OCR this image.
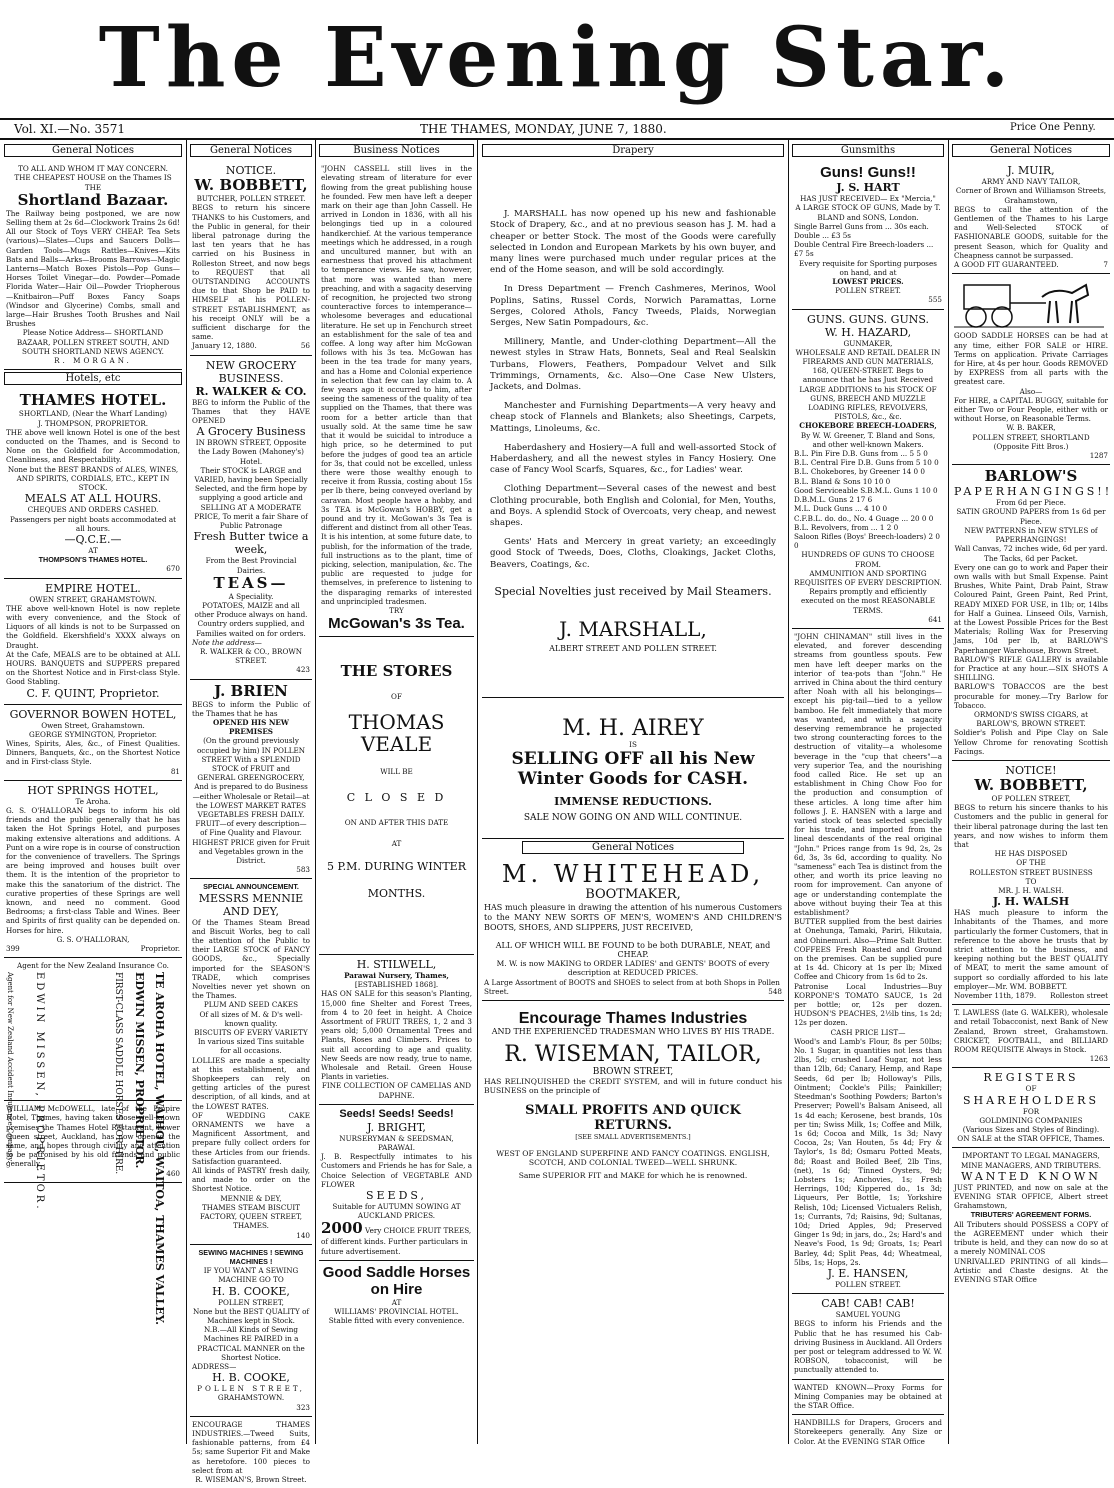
The Evening Star.
Vol. XI.—No. 3571	THE THAMES, MONDAY, JUNE 7, 1880.	Price One Penny.
General Notices
TO ALL AND WHOM IT MAY CONCERN.
THE CHEAPEST HOUSE on the Thames IS THE
Shortland Bazaar.
The Railway being postponed, we are now Selling them at 2s 6d—Clockwork Trains 2s 6d! All our Stock of Toys VERY CHEAP. Tea Sets (various)—Slates—Cups and Saucers Dolls—Garden Tools—Mugs Rattles—Knives—Kits Bats and Balls—Arks—Brooms Barrows—Magic Lanterns—Match Boxes Pistols—Pop Guns—Horses Toilet Vinegar—do. Powder—Pomade Florida Water—Hair Oil—Powder Triopherous—Knitbairon—Puff Boxes Fancy Soaps (Windsor and Glycerine) Combs, small and large—Hair Brushes Tooth Brushes and Nail Brushes
Please Notice Address— SHORTLAND BAZAAR, POLLEN STREET SOUTH, AND SOUTH SHORTLAND NEWS AGENCY.
R. MORGAN.
Hotels, etc
THAMES HOTEL.
SHORTLAND, (Near the Wharf Landing)
J. THOMPSON, PROPRIETOR.
THE above well known Hotel is one of the best conducted on the Thames, and is Second to None on the Goldfield for Accommodation, Cleanliness, and Respectability.
None but the BEST BRANDS of ALES, WINES, AND SPIRITS, CORDIALS, ETC., KEPT IN STOCK.
MEALS AT ALL HOURS.
CHEQUES AND ORDERS CASHED.
Passengers per night boats accommodated at all hours.
—Q.C.E.—
AT
THOMPSON'S THAMES HOTEL.
670
EMPIRE HOTEL.
OWEN STREET, GRAHAMSTOWN.
THE above well-known Hotel is now replete with every convenience, and the Stock of Liquors of all kinds is not to be Surpassed on the Goldfield. Ekershfield's XXXX always on Draught.
At the Cafe, MEALS are to be obtained at ALL HOURS. BANQUETS and SUPPERS prepared on the Shortest Notice and in First-class Style. Good Stabling.
C. F. QUINT, Proprietor.
GOVERNOR BOWEN HOTEL,
Owen Street, Grahamstown.
GEORGE SYMINGTON, Proprietor.
Wines, Spirits, Ales, &c., of Finest Qualities. Dinners, Banquets, &c., on the Shortest Notice and in First-class Style.
81
HOT SPRINGS HOTEL,
Te Aroha.
G. S. O'HALLORAN begs to inform his old friends and the public generally that he has taken the Hot Springs Hotel, and purposes making extensive alterations and additions. A Punt on a wire rope is in course of construction for the convenience of travellers. The Springs are being improved and houses built over them. It is the intention of the proprietor to make this the sanatorium of the district. The curative properties of these Springs are well known, and need no comment. Good Bedrooms; a first-class Table and Wines. Beer and Spirits of first quality can be depended on. Horses for hire.
G. S. O'HALLORAN,
399	Proprietor.
Agent for the New Zealand Insurance Co.
TE AROHA HOTEL, WAIHOU, WAITOA, THAMES VALLEY.
EDWIN MISSEN, PROPRIETOR.
FIRST-CLASS SADDLE HORSES FOR HIRE.
EDWIN MISSEN, PROPRIETOR.
Agent for New Zealand Accident Insurance Company.
WILLIAM McDOWELL, late of the Empire Hotel, Thames, having taken those well-known premises the Thames Hotel Restaurant, Lower Queen street, Auckland, has now opened the same, and hopes through civility and attention to be patronised by his old friends and public generally.
460
General Notices
NOTICE.
W. BOBBETT,
BUTCHER, POLLEN STREET.
BEGS to return his sincere THANKS to his Customers, and the Public in general, for their liberal patronage during the last ten years that he has carried on his Business in Rolleston Street, and now begs to REQUEST that all OUTSTANDING ACCOUNTS due to that Shop be PAID to HIMSELF at his POLLEN-STREET ESTABLISHMENT, as his receipt ONLY will be a sufficient discharge for the same.
January 12, 1880.	56
NEW GROCERY BUSINESS.
R. WALKER & CO.
BEG to inform the Public of the Thames that they HAVE OPENED
A Grocery Business
IN BROWN STREET, Opposite the Lady Bowen (Mahoney's) Hotel.
Their STOCK is LARGE and VARIED, having been Specially Selected, and the firm hope by supplying a good article and SELLING AT A MODERATE PRICE, To merit a fair Share of Public Patronage
Fresh Butter twice a week,
From the Best Provincial Dairies.
TEAS—
A Speciality.
POTATOES, MAIZE and all other Produce always on hand.
Country orders supplied, and Families waited on for orders.
Note the address—
R. WALKER & CO., BROWN STREET.
423
J. BRIEN
BEGS to inform the Public of the Thames that he has
OPENED HIS NEW PREMISES
(On the ground previously occupied by him) IN POLLEN STREET With a SPLENDID STOCK of FRUIT and GENERAL GREENGROCERY, And is prepared to do Business—either Wholesale or Retail—at the LOWEST MARKET RATES
VEGETABLES FRESH DAILY. FRUIT—of every description—of Fine Quality and Flavour.
HIGHEST PRICE given for Fruit and Vegetables grown in the District.
583
SPECIAL ANNOUNCEMENT.
MESSRS MENNIE AND DEY,
Of the Thames Steam Bread and Biscuit Works, beg to call the attention of the Public to their LARGE STOCK of FANCY GOODS, &c., Specially imported for the SEASON'S TRADE, which comprises Novelties never yet shown on the Thames.
PLUM AND SEED CAKES
Of all sizes of M. & D's well-known quality.
BISCUITS OF EVERY VARIETY
In various sized Tins suitable for all occasions.
LOLLIES are made a specialty at this establishment, and Shopkeepers can rely on getting articles of the purest description, of all kinds, and at the LOWEST RATES.
OF WEDDING CAKE ORNAMENTS we have a Magnificent Assortment, and prepare fully collect orders for these Articles from our friends. Satisfaction guaranteed.
All kinds of PASTRY fresh daily, and made to order on the Shortest Notice.
MENNIE & DEY,
THAMES STEAM BISCUIT FACTORY, QUEEN STREET, THAMES.
140
SEWING MACHINES ! SEWING MACHINES !
IF YOU WANT A SEWING MACHINE GO TO
H. B. COOKE,
POLLEN STREET,
None but the BEST QUALITY of Machines kept in Stock.
N.B.—All Kinds of Sewing Machines RE PAIRED in a PRACTICAL MANNER on the Shortest Notice.
ADDRESS—
H. B. COOKE,
POLLEN STREET,
GRAHAMSTOWN.
323
ENCOURAGE THAMES INDUSTRIES.—Tweed Suits, fashionable patterns, from £4 5s; same Superior Fit and Make as heretofore. 100 pieces to select from at
R. WISEMAN'S, Brown Street.
Business Notices
"JOHN CASSELL still lives in the elevating stream of literature for ever flowing from the great publishing house he founded. Few men have left a deeper mark on their age than John Cassell. He arrived in London in 1836, with all his belongings tied up in a coloured handkerchief. At the various temperance meetings which he addressed, in a rough and uncultured manner, but with an earnestness that proved his attachment to temperance views. He saw, however, that more was wanted than mere preaching, and with a sagacity deserving of recognition, he projected two strong counteractive forces to intemperance—wholesome beverages and educational literature. He set up in Fenchurch street an establishment for the sale of tea and coffee. A long way after him McGowan follows with his 3s tea. McGowan has been in the tea trade for many years, and has a Home and Colonial experience in selection that few can lay claim to. A few years ago it occurred to him, after seeing the sameness of the quality of tea supplied on the Thames, that there was room for a better article than that usually sold. At the same time he saw that it would be suicidal to introduce a high price, so he determined to put before the judges of good tea an article for 3s, that could not be excelled, unless there were those wealthy enough to receive it from Russia, costing about 15s per lb there, being conveyed overland by caravan. Most people have a hobby, and 3s TEA is McGowan's HOBBY, get a pound and try it. McGowan's 3s Tea is different and distinct from all other Teas. It is his intention, at some future date, to publish, for the information of the trade, full instructions as to the plant, time of picking, selection, manipulation, &c. The public are requested to judge for themselves, in preference to listening to the disparaging remarks of interested and unprincipled tradesmen.
TRY
McGowan's 3s Tea.
THE STORES
OF
THOMAS VEALE
WILL BE
C L O S E D
ON AND AFTER THIS DATE
AT
5 P.M. DURING WINTER
MONTHS.
H. STILWELL,
Parawai Nursery, Thames,
[ESTABLISHED 1868].
HAS ON SALE for this season's Planting, 15,000 fine Shelter and Forest Trees, from 4 to 20 feet in height. A Choice Assortment of FRUIT TREES, 1, 2 and 3 years old; 5,000 Ornamental Trees and Plants, Roses and Climbers. Prices to suit all according to age and quality. New Seeds are now ready, true to name, Wholesale and Retail. Green House Plants in varieties.
FINE COLLECTION OF CAMELIAS AND DAPHNE.
Seeds! Seeds! Seeds!
J. BRIGHT,
NURSERYMAN & SEEDSMAN, PARAWAI.
J. B. Respectfully intimates to his Customers and Friends he has for Sale, a Choice Selection of VEGETABLE AND FLOWER
SEEDS,
Suitable for AUTUMN SOWING AT
AUCKLAND PRICES.
2000 Very CHOICE FRUIT TREES, of different kinds. Further particulars in future advertisement.
Good Saddle Horses on Hire
AT
WILLIAMS' PROVINCIAL HOTEL.
Stable fitted with every convenience.
Drapery
J. MARSHALL has now opened up his new and fashionable Stock of Drapery, &c., and at no previous season has J. M. had a cheaper or better Stock. The most of the Goods were carefully selected in London and European Markets by his own buyer, and many lines were purchased much under regular prices at the end of the Home season, and will be sold accordingly.
In Dress Department — French Cashmeres, Merinos, Wool Poplins, Satins, Russel Cords, Norwich Paramattas, Lorne Serges, Colored Athols, Fancy Tweeds, Plaids, Norwegian Serges, New Satin Pompadours, &c.
Millinery, Mantle, and Under-clothing Department—All the newest styles in Straw Hats, Bonnets, Seal and Real Sealskin Turbans, Flowers, Feathers, Pompadour Velvet and Silk Trimmings, Ornaments, &c. Also—One Case New Ulsters, Jackets, and Dolmas.
Manchester and Furnishing Departments—A very heavy and cheap stock of Flannels and Blankets; also Sheetings, Carpets, Mattings, Linoleums, &c.
Haberdashery and Hosiery—A full and well-assorted Stock of Haberdashery, and all the newest styles in Fancy Hosiery. One case of Fancy Wool Scarfs, Squares, &c., for Ladies' wear.
Clothing Department—Several cases of the newest and best Clothing procurable, both English and Colonial, for Men, Youths, and Boys. A splendid Stock of Overcoats, very cheap, and newest shapes.
Gents' Hats and Mercery in great variety; an exceedingly good Stock of Tweeds, Does, Cloths, Cloakings, Jacket Cloths, Beavers, Coatings, &c.
Special Novelties just received by Mail Steamers.
J. MARSHALL,
ALBERT STREET AND POLLEN STREET.
M. H. AIREY
IS
SELLING OFF all his New Winter Goods for CASH.
IMMENSE REDUCTIONS.
SALE NOW GOING ON AND WILL CONTINUE.
General Notices
M. WHITEHEAD,
BOOTMAKER,
HAS much pleasure in drawing the attention of his numerous Customers to the MANY NEW SORTS OF MEN'S, WOMEN'S AND CHILDREN'S BOOTS, SHOES, AND SLIPPERS, JUST RECEIVED,
ALL OF WHICH WILL BE FOUND to be both DURABLE, NEAT, and CHEAP.
M. W. is now MAKING to ORDER LADIES' and GENTS' BOOTS of every description at REDUCED PRICES.
A Large Assortment of BOOTS and SHOES to select from at both Shops in Pollen Street.	548
Encourage Thames Industries
AND THE EXPERIENCED TRADESMAN WHO LIVES BY HIS TRADE.
R. WISEMAN, TAILOR,
BROWN STREET,
HAS RELINQUISHED the CREDIT SYSTEM, and will in future conduct his BUSINESS on the principle of
SMALL PROFITS AND QUICK RETURNS.
[SEE SMALL ADVERTISEMENTS.]
WEST OF ENGLAND SUPERFINE AND FANCY COATINGS. ENGLISH, SCOTCH, AND COLONIAL TWEED—WELL SHRUNK.
Same SUPERIOR FIT and MAKE for which he is renowned.
Gunsmiths
Guns! Guns!!
J. S. HART
HAS JUST RECEIVED— Ex "Mercia,"
A LARGE STOCK OF GUNS, Made by T. BLAND and SONS, London.
Single Barrel Guns from ... 30s each.
Double ... £3 5s
Double Central Fire Breech-loaders ... £7 5s
Every requisite for Sporting purposes on hand, and at
LOWEST PRICES.
POLLEN STREET.
555
GUNS. GUNS. GUNS.
W. H. HAZARD,
GUNMAKER,
WHOLESALE AND RETAIL DEALER IN FIREARMS AND GUN MATERIALS, 168, QUEEN-STREET. Begs to announce that he has Just Received LARGE ADDITIONS to his STOCK OF GUNS, BREECH AND MUZZLE LOADING RIFLES, REVOLVERS, PISTOLS, &c., &c.
CHOKEBORE BREECH-LOADERS,
By W. W. Greener, T. Bland and Sons, and other well-known Makers.
B.L. Pin Fire D.B. Guns from ... 5 5 0
B.L. Central Fire D.B. Guns from 5 10 0
B.L. Chokebores, by Greener 14 0 0
B.L. Bland & Sons 10 10 0
Good Serviceable S.B.M.L. Guns 1 10 0
D.B.M.L. Guns 2 17 6
M.L. Duck Guns ... 4 10 0
C.F.B.L. do. do., No. 4 Guage ... 20 0 0
B.L. Revolvers, from ... 1 2 0
Saloon Rifles (Boys' Breech-loaders) 2 0 0
HUNDREDS OF GUNS TO CHOOSE FROM.
AMMUNITION AND SPORTING REQUISITES OF EVERY DESCRIPTION.
Repairs promptly and efficiently executed on the most REASONABLE TERMS.
641
"JOHN CHINAMAN" still lives in the elevated, and forever descending streams from gountless spouts. Few men have left deeper marks on the interior of tea-pots than "John." He arrived in China about the third century after Noah with all his belongings—except his pig-tail—tied to a yellow bamboo. He felt immediately that more was wanted, and with a sagacity deserving remembrance he projected two strong counteracting forces to the destruction of vitality—a wholesome beverage in the "cup that cheers"—a very superior Tea, and the nourishing food called Rice. He set up an establishment in Ching Chow Foo for the production and consumption of these articles. A long time after him follows J. E. HANSEN with a large and varied stock of teas selected specially for his trade, and imported from the lineal descendants of the real original "John." Prices range from 1s 9d, 2s, 2s 6d, 3s, 3s 6d, according to quality. No "sameness" each Tea is distinct from the other, and worth its price leaving no room for improvement. Can anyone of age or understanding contemplate the above without buying their Tea at this establishment?
BUTTER supplied from the best dairies at Onehunga, Tamaki, Pariri, Hikutaia, and Ohinemuri. Also—Prime Salt Butter. COFFEES Fresh Roasted and Ground on the premises. Can be supplied pure at 1s 4d. Chicory at 1s per lb; Mixed Coffee and Chicory from 1s 6d to 2s.
Patronise Local Industries—Buy KORPONE'S TOMATO SAUCE, 1s 2d per bottle; or, 12s per dozen. HUDSON'S PEACHES, 2½lb tins, 1s 2d; 12s per dozen.
CASH PRICE LIST—
Wood's and Lamb's Flour, 8s per 50lbs; No. 1 Sugar, in quantities not less than 2lbs, 5d; crushed Loaf Sugar, not less than 12lb, 6d; Canary, Hemp, and Rape Seeds, 6d per lb; Holloway's Pills, Ointment; Cockle's Pills; Painkiller; Steedman's Soothing Powders; Barton's Preserver; Powell's Balsam Aniseed, all 1s 4d each; Kerosene, best brands, 10s per tin; Swiss Milk, 1s; Coffee and Milk, 1s 6d; Cocoa and Milk, 1s 3d; Navy Cocoa, 2s; Van Houten, 5s 4d; Fry & Taylor's, 1s 8d; Osmaru Potted Meats, 8d; Roast and Boiled Beef, 2lb Tins, (net), 1s 6d; Tinned Oysters, 9d; Lobsters 1s; Anchovies, 1s; Fresh Herrings, 10d; Kippered do., 1s 3d; Liqueurs, Per Bottle, 1s; Yorkshire Relish, 10d; Licensed Victualers Relish, 1s; Currants, 7d; Raisins, 9d; Sultanas, 10d; Dried Apples, 9d; Preserved Ginger 1s 9d; in jars, do., 2s; Hard's and Neave's Food, 1s 9d; Groats, 1s; Pearl Barley, 4d; Split Peas, 4d; Wheatmeal, 5lbs, 1s; Hops, 2s.
J. E. HANSEN,
POLLEN STREET.
CAB! CAB! CAB!
SAMUEL YOUNG
BEGS to inform his Friends and the Public that he has resumed his Cab-driving Business in Auckland. All Orders per post or telegram addressed to W. W. ROBSON, tobacconist, will be punctually attended to.
WANTED KNOWN—Proxy Forms for Mining Companies may be obtained at the STAR Office.
HANDBILLS for Drapers, Grocers and Storekeepers generally. Any Size or Color. At the EVENING STAR Office
General Notices
J. MUIR,
ARMY AND NAVY TAILOR,
Corner of Brown and Williamson Streets, Grahamstown,
BEGS to call the attention of the Gentlemen of the Thames to his Large and Well-Selected STOCK of FASHIONABLE GOODS, suitable for the present Season, which for Quality and Cheapness cannot be surpassed.
A GOOD FIT GUARANTEED.	7
GOOD SADDLE HORSES can be had at any time, either FOR SALE or HIRE. Terms on application. Private Carriages for Hire, at 4s per hour. Goods REMOVED by EXPRESS from all parts with the greatest care.
Also—
For HIRE, a CAPITAL BUGGY, suitable for either Two or Four People, either with or without Horse, on Reasonable Terms.
W. B. BAKER,
POLLEN STREET, SHORTLAND (Opposite Fitt Bros.)
1287
BARLOW'S
PAPERHANGINGS!!
From 6d per Piece.
SATIN GROUND PAPERS from 1s 6d per Piece.
NEW PATTERNS in NEW STYLES of PAPERHANGINGS!
Wall Canvas, 72 inches wide, 6d per yard. The Tacks, 6d per Packet.
Every one can go to work and Paper their own walls with but Small Expense. Paint Brushes, White Paint, Drab Paint, Straw Coloured Paint, Green Paint, Red Print, READY MIXED FOR USE, in 1lb; or, 14lbs for Half a Guinea. Linseed Oils, Varnish, at the Lowest Possible Prices for the Best Materials; Rolling Wax for Preserving Jams, 10d per lb, at BARLOW'S Paperhanger Warehouse, Brown Street.
BARLOW'S RIFLE GALLERY is available for Practice at any hour.—SIX SHOTS A SHILLING.
BARLOW'S TOBACCOS are the best procurable for money.—Try Barlow for Tobacco.
ORMOND'S SWISS CIGARS, at BARLOW'S, BROWN STREET.
Soldier's Polish and Pipe Clay on Sale Yellow Chrome for renovating Scottish Facings.
NOTICE!
W. BOBBETT,
OF POLLEN STREET,
BEGS to return his sincere thanks to his Customers and the public in general for their liberal patronage during the last ten years, and now wishes to inform them that
HE HAS DISPOSED
OF THE
ROLLESTON STREET BUSINESS
TO
MR. J. H. WALSH.
J. H. WALSH
HAS much pleasure to inform the Inhabitants of the Thames, and more particularly the former Customers, that in reference to the above he trusts that by strict attention to the business, and keeping nothing but the BEST QUALITY of MEAT, to merit the same amount of support so cordially afforded to his late employer—Mr. WM. BOBBETT.
November 11th, 1879. Rolleston street
T. LAWLESS (late G. WALKER), wholesale and retail Tobacconist, next Bank of New Zealand, Brown street, Grahamstown. CRICKET, FOOTBALL, and BILLIARD ROOM REQUISITE Always in Stock.
1263
REGISTERS
OF
SHAREHOLDERS
FOR
GOLDMINING COMPANIES
(Various Sizes and Styles of Binding).
ON SALE at the STAR OFFICE, Thames.
IMPORTANT TO LEGAL MANAGERS, MINE MANAGERS, AND TRIBUTERS.
WANTED KNOWN
JUST PRINTED, and now on sale at the EVENING STAR OFFICE, Albert street Grahamstown,
TRIBUTERS' AGREEMENT FORMS.
All Tributers should POSSESS a COPY of the AGREEMENT under which their tribute is held, and they can now do so at a merely NOMINAL COS
UNRIVALLED PRINTING of all kinds—Artistic and Chaste designs. At the EVENING STAR Office
